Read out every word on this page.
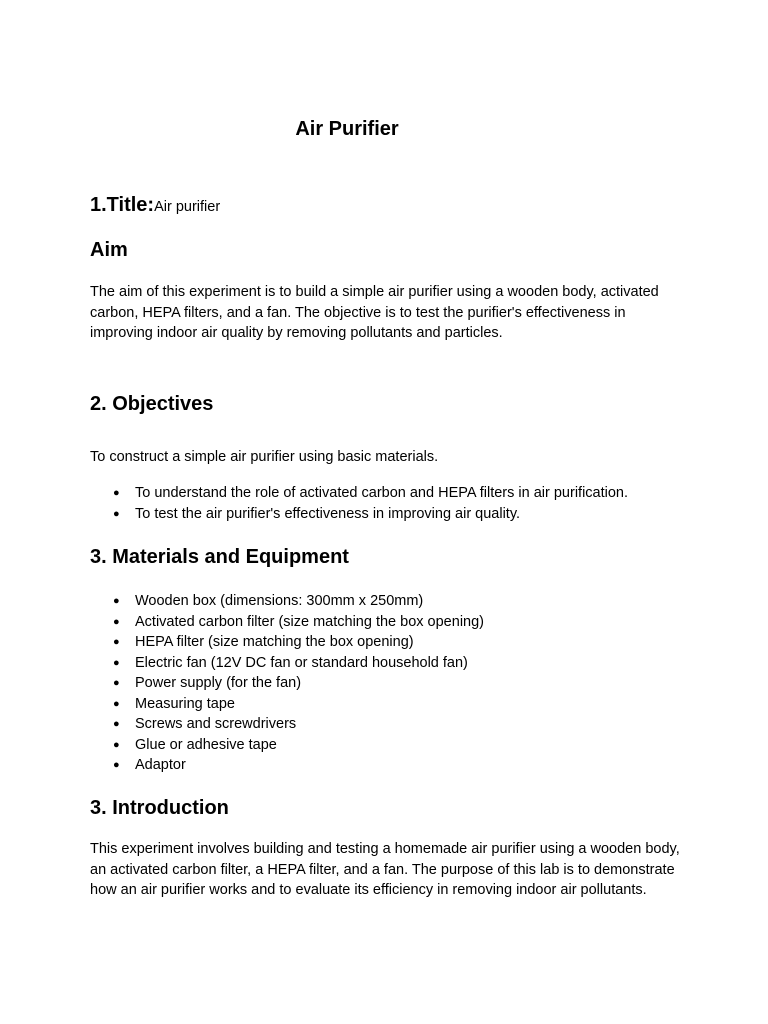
Air Purifier
1.Title:Air purifier
Aim

The aim of this experiment is to build a simple air purifier using a wooden body, activated carbon, HEPA filters, and a fan. The objective is to test the purifier's effectiveness in improving indoor air quality by removing pollutants and particles.

2. Objectives

To construct a simple air purifier using basic materials.

● To understand the role of activated carbon and HEPA filters in air purification.
● To test the air purifier's effectiveness in improving air quality.
3. Materials and Equipment
● Wooden box (dimensions: 300mm x 250mm)
● Activated carbon filter (size matching the box opening)
● HEPA filter (size matching the box opening)
● Electric fan (12V DC fan or standard household fan)
● Power supply (for the fan)
● Measuring tape
● Screws and screwdrivers
● Glue or adhesive tape
● Adaptor
3. Introduction

This experiment involves building and testing a homemade air purifier using a wooden body, an activated carbon filter, a HEPA filter, and a fan. The purpose of this lab is to demonstrate how an air purifier works and to evaluate its efficiency in removing indoor air pollutants.
